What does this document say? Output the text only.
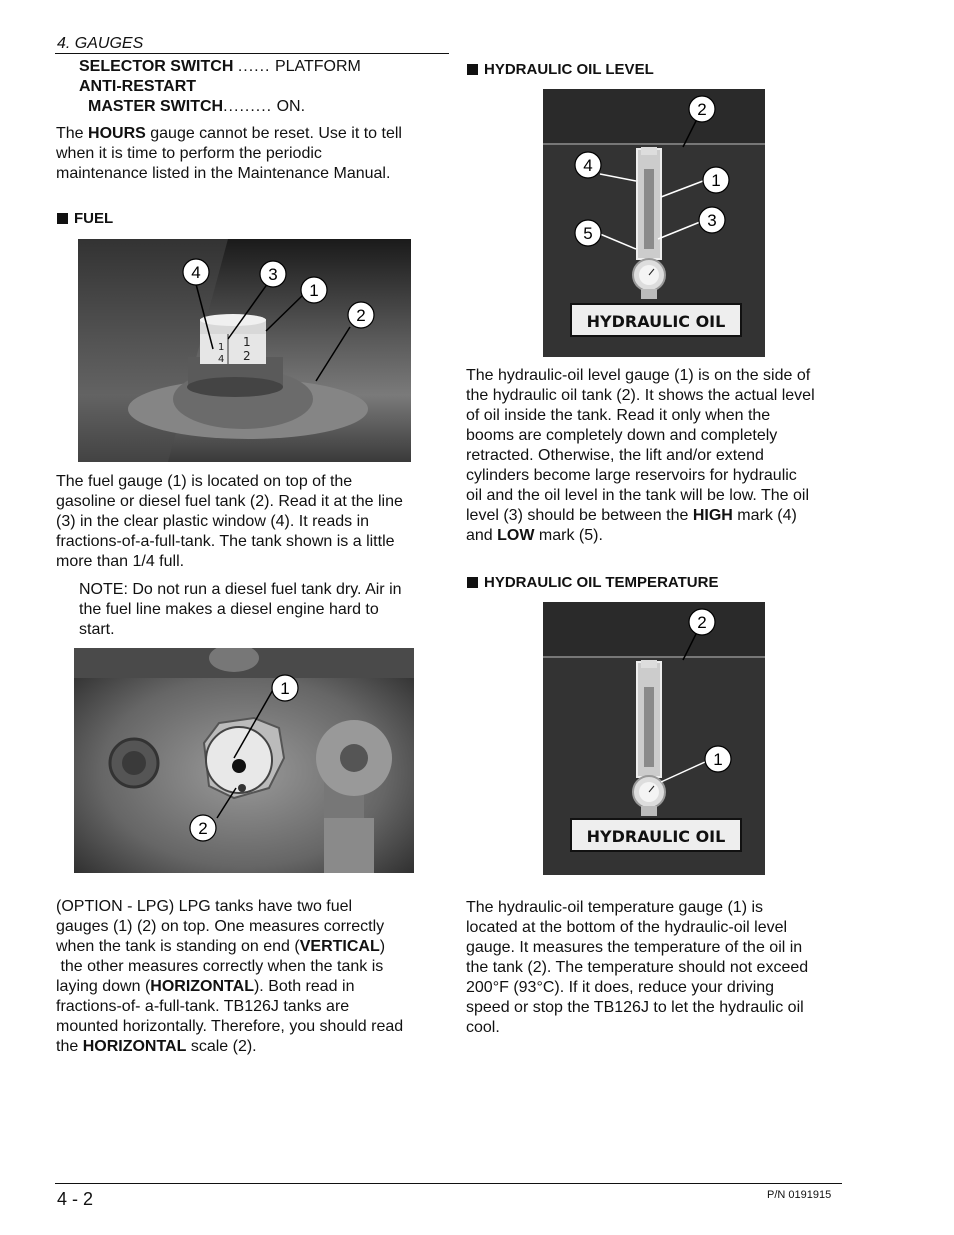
4. GAUGES
SELECTOR SWITCH ...... PLATFORM
ANTI-RESTART
MASTER SWITCH......... ON.

The HOURS gauge cannot be reset. Use it to tell

when it is time to perform the periodic

maintenance listed in the Maintenance Manual.

FUEL
1
4
1
2
4	3
1
2

The fuel gauge (1) is located on top of the

gasoline or diesel fuel tank (2). Read it at the line

(3) in the clear plastic window (4). It reads in

fractions-of-a-full-tank. The tank shown is a little

more than 1/4 full.

NOTE: Do not run a diesel fuel tank dry. Air in

the fuel line makes a diesel engine hard to

start.

1
2

(OPTION - LPG) LPG tanks have two fuel

gauges (1) (2) on top. One measures correctly

when the tank is standing on end (VERTICAL)

the other measures correctly when the tank is

laying down (HORIZONTAL). Both read in

fractions-of- a-full-tank. TB126J tanks are

mounted horizontally. Therefore, you should read

the HORIZONTAL scale (2).

HYDRAULIC OIL LEVEL
HYDRAULIC OIL
2
4
1
5
3

The hydraulic-oil level gauge (1) is on the side of

the hydraulic oil tank (2). It shows the actual level

of oil inside the tank. Read it only when the

booms are completely down and completely

retracted. Otherwise, the lift and/or extend

cylinders become large reservoirs for hydraulic

oil and the oil level in the tank will be low. The oil

level (3) should be between the HIGH mark (4)

and LOW mark (5).

HYDRAULIC OIL TEMPERATURE
HYDRAULIC OIL
2
1

The hydraulic-oil temperature gauge (1) is

located at the bottom of the hydraulic-oil level

gauge. It measures the temperature of the oil in

the tank (2). The temperature should not exceed

200°F (93°C). If it does, reduce your driving

speed or stop the TB126J to let the hydraulic oil

cool.

4 - 2	P/N 0191915
